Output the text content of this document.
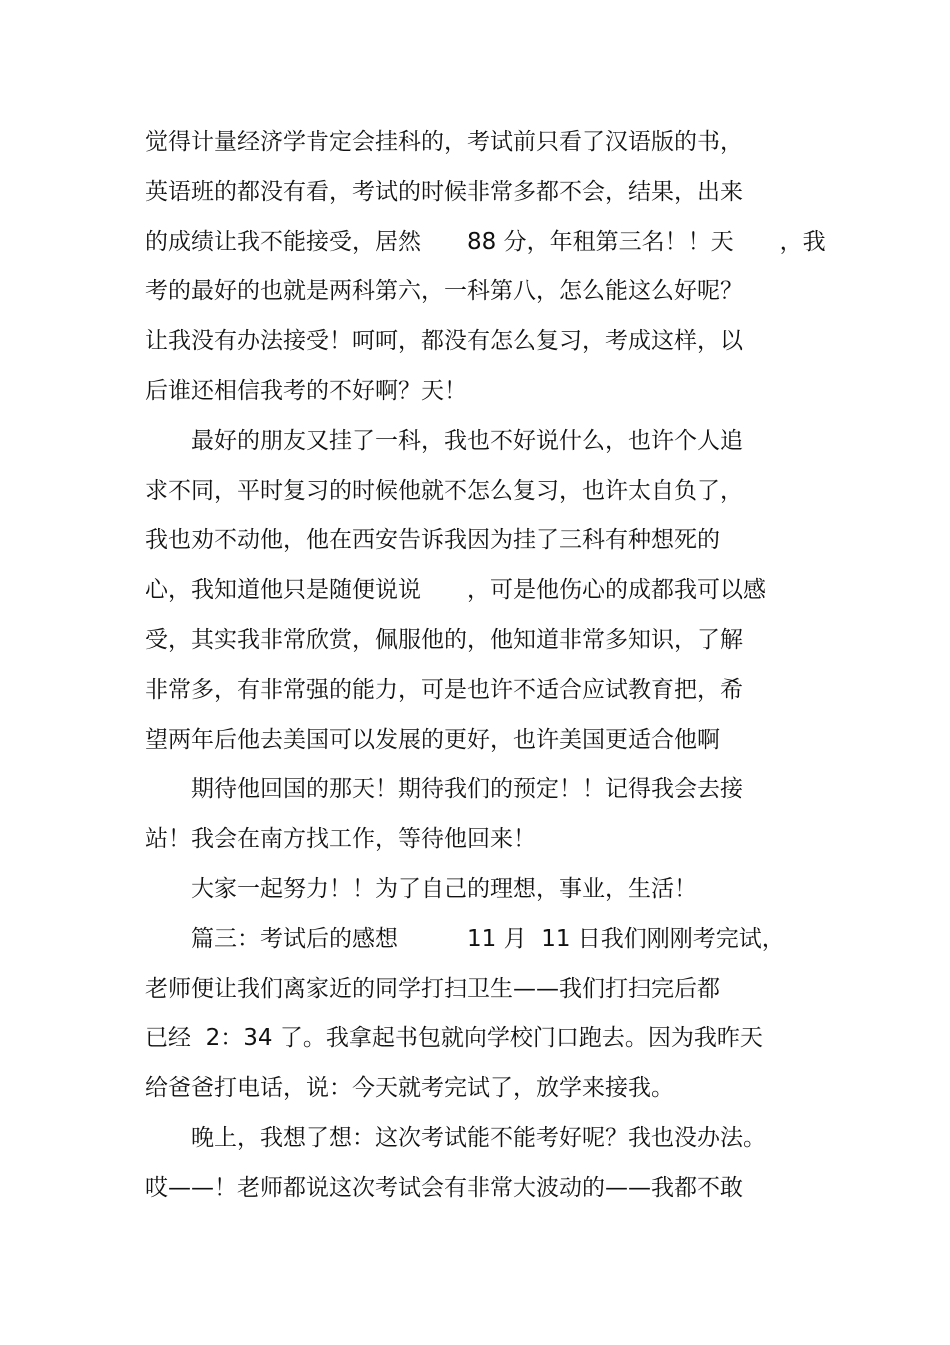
觉得计量经济学肯定会挂科的，考试前只看了汉语版的书，
英语班的都没有看，考试的时候非常多都不会，结果，出来
的成绩让我不能接受，居然　　88 分，年租第三名！！天　　，我
考的最好的也就是两科第六，一科第八，怎么能这么好呢？
让我没有办法接受！呵呵，都没有怎么复习，考成这样，以
后谁还相信我考的不好啊？天！
　　最好的朋友又挂了一科，我也不好说什么，也许个人追
求不同，平时复习的时候他就不怎么复习，也许太自负了，
我也劝不动他，他在西安告诉我因为挂了三科有种想死的
心，我知道他只是随便说说　　，可是他伤心的成都我可以感
受，其实我非常欣赏，佩服他的，他知道非常多知识，了解
非常多，有非常强的能力，可是也许不适合应试教育把，希
望两年后他去美国可以发展的更好，也许美国更适合他啊
　　期待他回国的那天！期待我们的预定！！记得我会去接
站！我会在南方找工作，等待他回来！
　　大家一起努力！！为了自己的理想，事业，生活！
　　篇三：考试后的感想　　　11 月  11 日我们刚刚考完试，
老师便让我们离家近的同学打扫卫生——我们打扫完后都
已经  2：34 了。我拿起书包就向学校门口跑去。因为我昨天
给爸爸打电话，说：今天就考完试了，放学来接我。
　　晚上，我想了想：这次考试能不能考好呢？我也没办法。
哎——！老师都说这次考试会有非常大波动的——我都不敢
